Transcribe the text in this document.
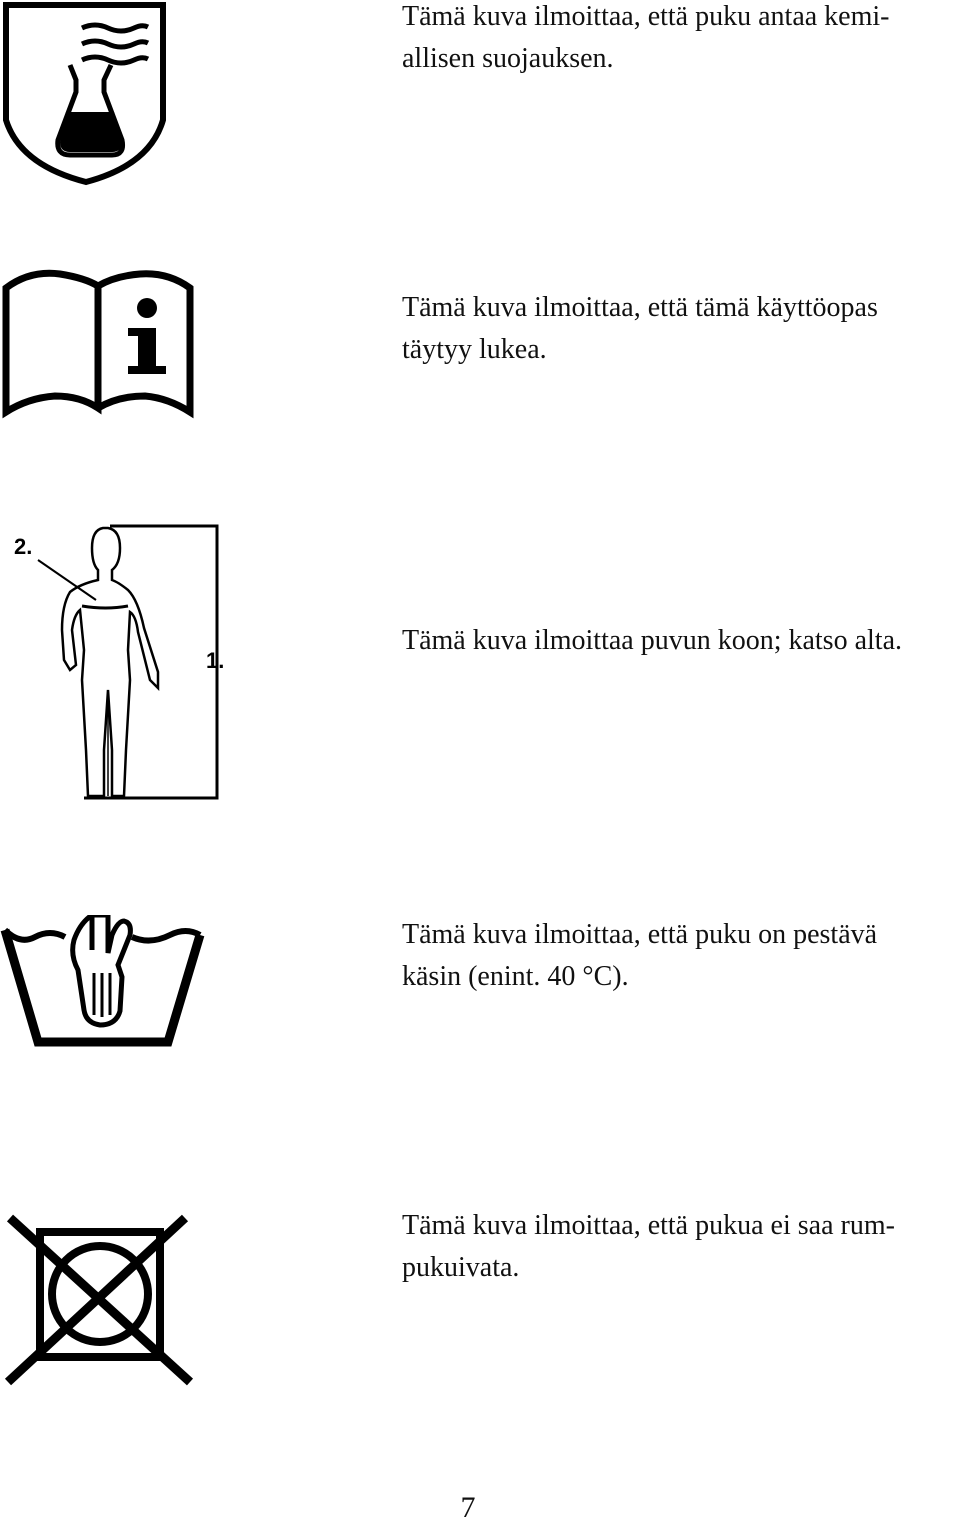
Tämä kuva ilmoittaa, että puku antaa kemi-
allisen suojauksen.
Tämä kuva ilmoittaa, että tämä käyttöopas
täytyy lukea.
2.
1.
Tämä kuva ilmoittaa puvun koon; katso alta.
Tämä kuva ilmoittaa, että puku on pestävä
käsin (enint. 40 °C).
Tämä kuva ilmoittaa, että pukua ei saa rum-
pukuivata.
7
